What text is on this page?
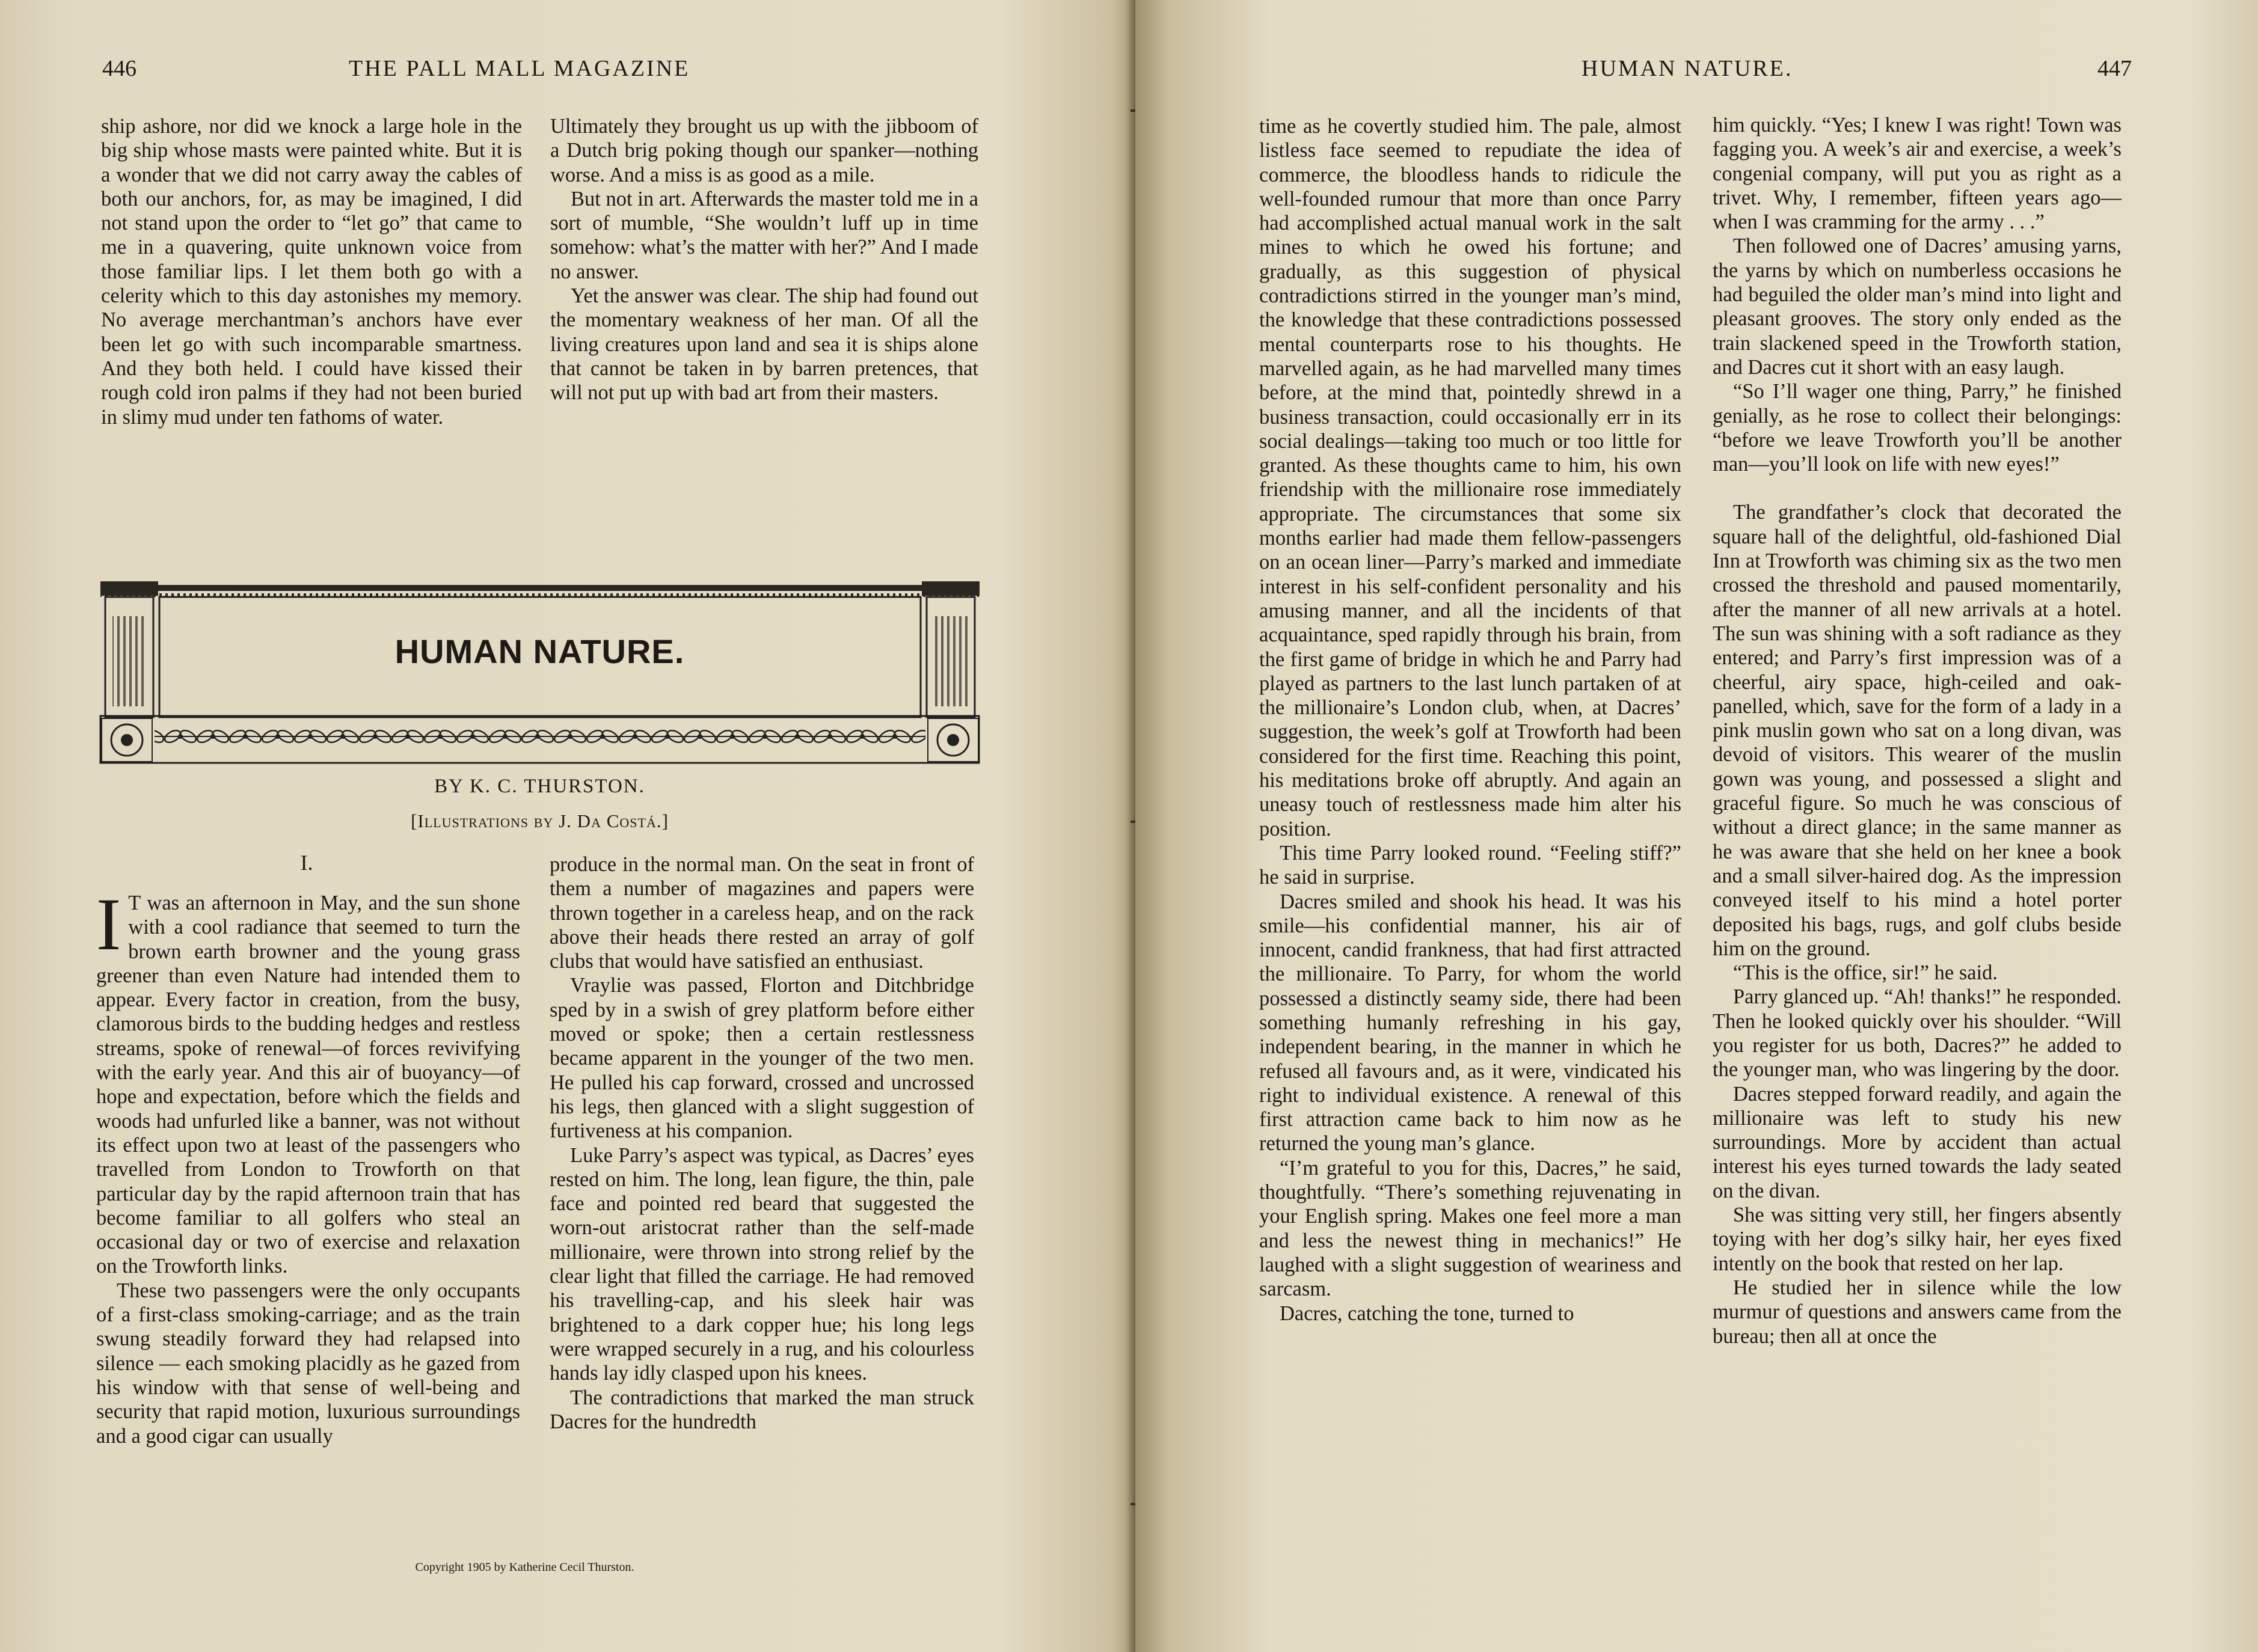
446	THE PALL MALL MAGAZINE

ship ashore, nor did we knock a large hole in the big ship whose masts were painted white. But it is a wonder that we did not carry away the cables of both our anchors, for, as may be imagined, I did not stand upon the order to “let go” that came to me in a quavering, quite unknown voice from those familiar lips. I let them both go with a celerity which to this day astonishes my memory. No average merchantman’s anchors have ever been let go with such incomparable smartness. And they both held. I could have kissed their rough cold iron palms if they had not been buried in slimy mud under ten fathoms of water.

Ultimately they brought us up with the jibboom of a Dutch brig poking though our spanker—nothing worse. And a miss is as good as a mile.

But not in art. Afterwards the master told me in a sort of mumble, “She wouldn’t luff up in time somehow: what’s the matter with her?” And I made no answer.

Yet the answer was clear. The ship had found out the momentary weakness of her man. Of all the living creatures upon land and sea it is ships alone that cannot be taken in by barren pretences, that will not put up with bad art from their masters.

HUMAN NATURE.
BY K. C. THURSTON.
[Illustrations by J. Da Costá.]
I.

I T was an afternoon in May, and the sun shone with a cool radiance that seemed to turn the brown earth browner and the young grass greener than even Nature had intended them to appear. Every factor in creation, from the busy, clamorous birds to the budding hedges and restless streams, spoke of renewal—of forces revivifying with the early year. And this air of buoyancy—of hope and expectation, before which the fields and woods had unfurled like a banner, was not without its effect upon two at least of the passengers who travelled from London to Trowforth on that particular day by the rapid afternoon train that has become familiar to all golfers who steal an occasional day or two of exercise and relaxation on the Trowforth links.

These two passengers were the only occupants of a first-class smoking-carriage; and as the train swung steadily forward they had relapsed into silence — each smoking placidly as he gazed from his window with that sense of well-being and security that rapid motion, luxurious surroundings and a good cigar can usually

produce in the normal man. On the seat in front of them a number of magazines and papers were thrown together in a careless heap, and on the rack above their heads there rested an array of golf clubs that would have satisfied an enthusiast.

Vraylie was passed, Florton and Ditchbridge sped by in a swish of grey platform before either moved or spoke; then a certain restlessness became apparent in the younger of the two men. He pulled his cap forward, crossed and uncrossed his legs, then glanced with a slight suggestion of furtiveness at his companion.

Luke Parry’s aspect was typical, as Dacres’ eyes rested on him. The long, lean figure, the thin, pale face and pointed red beard that suggested the worn-out aristocrat rather than the self-made millionaire, were thrown into strong relief by the clear light that filled the carriage. He had removed his travelling-cap, and his sleek hair was brightened to a dark copper hue; his long legs were wrapped securely in a rug, and his colourless hands lay idly clasped upon his knees.

The contradictions that marked the man struck Dacres for the hundredth

Copyright 1905 by Katherine Cecil Thurston.
HUMAN NATURE.	447

time as he covertly studied him. The pale, almost listless face seemed to repudiate the idea of commerce, the bloodless hands to ridicule the well-founded rumour that more than once Parry had accomplished actual manual work in the salt mines to which he owed his fortune; and gradually, as this suggestion of physical contradictions stirred in the younger man’s mind, the knowledge that these contradictions possessed mental counterparts rose to his thoughts. He marvelled again, as he had marvelled many times before, at the mind that, pointedly shrewd in a business transaction, could occasionally err in its social dealings—taking too much or too little for granted. As these thoughts came to him, his own friendship with the millionaire rose immediately appropriate. The circumstances that some six months earlier had made them fellow-passengers on an ocean liner—Parry’s marked and immediate interest in his self-confident personality and his amusing manner, and all the incidents of that acquaintance, sped rapidly through his brain, from the first game of bridge in which he and Parry had played as partners to the last lunch partaken of at the millionaire’s London club, when, at Dacres’ suggestion, the week’s golf at Trowforth had been considered for the first time. Reaching this point, his meditations broke off abruptly. And again an uneasy touch of restlessness made him alter his position.

This time Parry looked round. “Feeling stiff?” he said in surprise.

Dacres smiled and shook his head. It was his smile—his confidential manner, his air of innocent, candid frankness, that had first attracted the millionaire. To Parry, for whom the world possessed a distinctly seamy side, there had been something humanly refreshing in his gay, independent bearing, in the manner in which he refused all favours and, as it were, vindicated his right to individual existence. A renewal of this first attraction came back to him now as he returned the young man’s glance.

“I’m grateful to you for this, Dacres,” he said, thoughtfully. “There’s something rejuvenating in your English spring. Makes one feel more a man and less the newest thing in mechanics!” He laughed with a slight suggestion of weariness and sarcasm.

Dacres, catching the tone, turned to

him quickly. “Yes; I knew I was right! Town was fagging you. A week’s air and exercise, a week’s congenial company, will put you as right as a trivet. Why, I remember, fifteen years ago—when I was cramming for the army . . .”

Then followed one of Dacres’ amusing yarns, the yarns by which on numberless occasions he had beguiled the older man’s mind into light and pleasant grooves. The story only ended as the train slackened speed in the Trowforth station, and Dacres cut it short with an easy laugh.

“So I’ll wager one thing, Parry,” he finished genially, as he rose to collect their belongings: “before we leave Trowforth you’ll be another man—you’ll look on life with new eyes!”

The grandfather’s clock that decorated the square hall of the delightful, old-fashioned Dial Inn at Trowforth was chiming six as the two men crossed the threshold and paused momentarily, after the manner of all new arrivals at a hotel. The sun was shining with a soft radiance as they entered; and Parry’s first impression was of a cheerful, airy space, high-ceiled and oak-panelled, which, save for the form of a lady in a pink muslin gown who sat on a long divan, was devoid of visitors. This wearer of the muslin gown was young, and possessed a slight and graceful figure. So much he was conscious of without a direct glance; in the same manner as he was aware that she held on her knee a book and a small silver-haired dog. As the impression conveyed itself to his mind a hotel porter deposited his bags, rugs, and golf clubs beside him on the ground.

“This is the office, sir!” he said.

Parry glanced up. “Ah! thanks!” he responded. Then he looked quickly over his shoulder. “Will you register for us both, Dacres?” he added to the younger man, who was lingering by the door.

Dacres stepped forward readily, and again the millionaire was left to study his new surroundings. More by accident than actual interest his eyes turned towards the lady seated on the divan.

She was sitting very still, her fingers absently toying with her dog’s silky hair, her eyes fixed intently on the book that rested on her lap.

He studied her in silence while the low murmur of questions and answers came from the bureau; then all at once the
